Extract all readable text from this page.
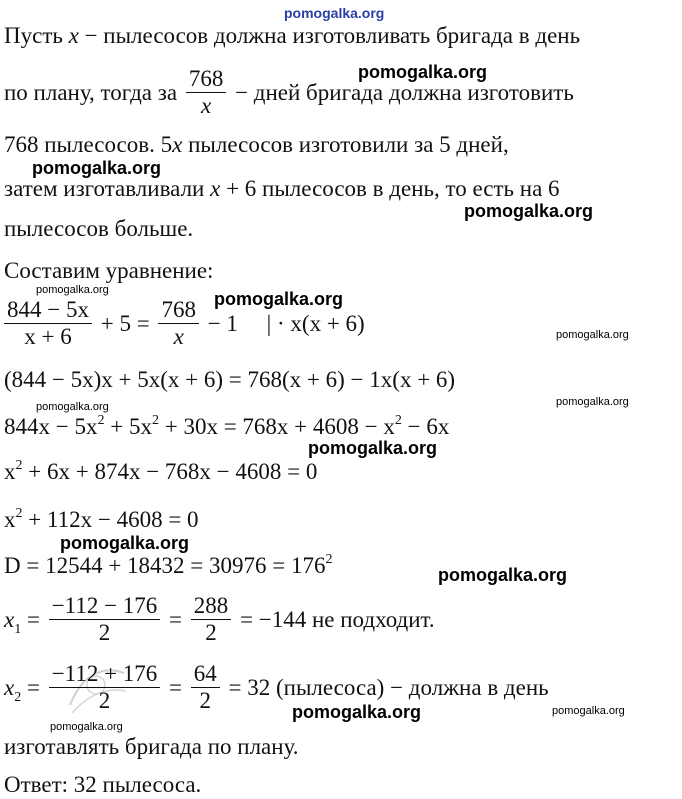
pomogalka.org
pomogalka.org
pomogalka.org
pomogalka.org
pomogalka.org	pomogalka.org
pomogalka.org
pomogalka.org	pomogalka.org
pomogalka.org
pomogalka.org
pomogalka.org
pomogalka.org	pomogalka.org
pomogalka.org
Пусть x − пылесосов должна изготовливать бригада в день
по плану, тогда за $\frac{768}{x}$ − дней бригада должна изготовить
768 пылесосов. 5x пылесосов изготовили за 5 дней,
затем изготавливали x + 6 пылесосов в день, то есть на 6
пылесосов больше.
Составим уравнение:
$\frac{844 - 5x}{x + 6} + 5 = \frac{768}{x} - 1$     | · x(x + 6)
(844 − 5x)x + 5x(x + 6) = 768(x + 6) − 1x(x + 6)
$844x - 5x^2 + 5x^2 + 30x = 768x + 4608 - x^2 - 6x$
$x^2 + 6x + 874x - 768x - 4608 = 0$
$x^2 + 112x - 4608 = 0$
$D = 12544 + 18432 = 30976 = 176^2$
$x_1 = \frac{-112 - 176}{2} = \frac{288}{2} = -144$ не подходит.
$x_2 = \frac{-112 + 176}{2} = \frac{64}{2} = 32$ (пылесоса) − должна в день
изготавлять бригада по плану.
Ответ: 32 пылесоса.
